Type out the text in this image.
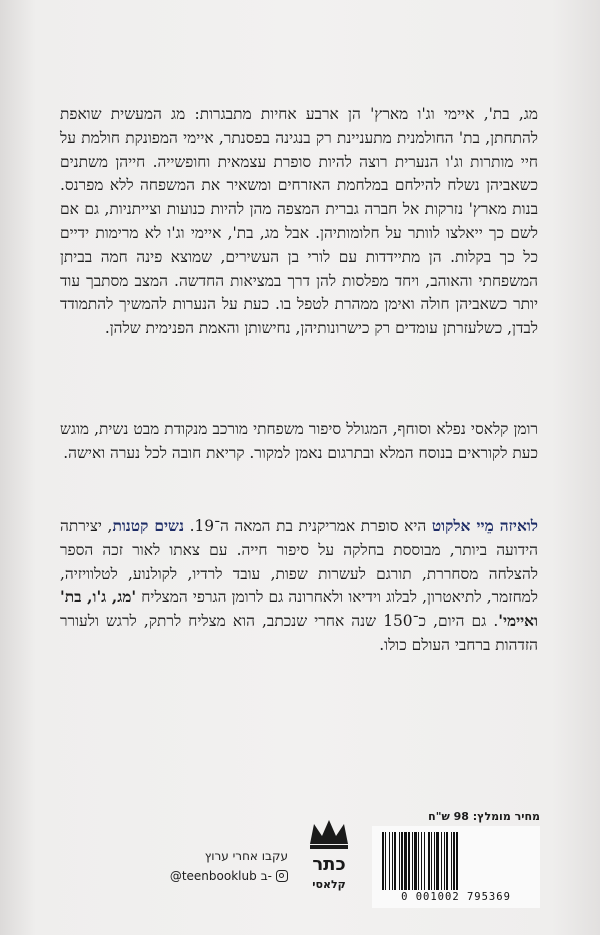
מג, בת', איימי וג'ו מארץ' הן ארבע אחיות מתבגרות: מג המעשית שואפת להתחתן, בת' החולמנית מתעניינת רק בנגינה בפסנתר, איימי המפונקת חולמת על חיי מותרות וג'ו הנערית רוצה להיות סופרת עצמאית וחופשייה. חייהן משתנים כשאביהן נשלח להילחם במלחמת האזרחים ומשאיר את המשפחה ללא מפרנס. בנות מארץ' נזרקות אל חברה גברית המצפה מהן להיות כנועות וצייתניות, גם אם לשם כך ייאלצו לוותר על חלומותיהן. אבל מג, בת', איימי וג'ו לא מרימות ידיים כל כך בקלות. הן מתיידדות עם לורי בן העשירים, שמוצא פינה חמה בביתן המשפחתי והאוהב, ויחד מפלסות להן דרך במציאות החדשה. המצב מסתבך עוד יותר כשאביהן חולה ואימן ממהרת לטפל בו. כעת על הנערות להמשיך להתמודד לבדן, כשלעזרתן עומדים רק כישרונותיהן, נחישותן והאמת הפנימית שלהן.

רומן קלאסי נפלא וסוחף, המגולל סיפור משפחתי מורכב מנקודת מבט נשית, מוגש כעת לקוראים בנוסח המלא ובתרגום נאמן למקור. קריאת חובה לכל נערה ואישה.

לואיזה מֵיי אלקוט היא סופרת אמריקנית בת המאה ה־19. נשים קטנות, יצירתה הידועה ביותר, מבוססת בחלקה על סיפור חייה. עם צאתו לאור זכה הספר להצלחה מסחררת, תורגם לעשרות שפות, עובד לרדיו, לקולנוע, לטלוויזיה, למחזמר, לתיאטרון, לבלוג וידיאו ולאחרונה גם לרומן הגרפי המצליח 'מג, ג'ו, בת' ואיימי'. גם היום, כ־150 שנה אחרי שנכתב, הוא מצליח לרתק, לרגש ולעורר הזדהות ברחבי העולם כולו.

מחיר מומלץ: 98 ש"ח
0 001002 795369
כתר
קלאסי
עקבו אחרי ערוץ
@teenbooklub ב-
